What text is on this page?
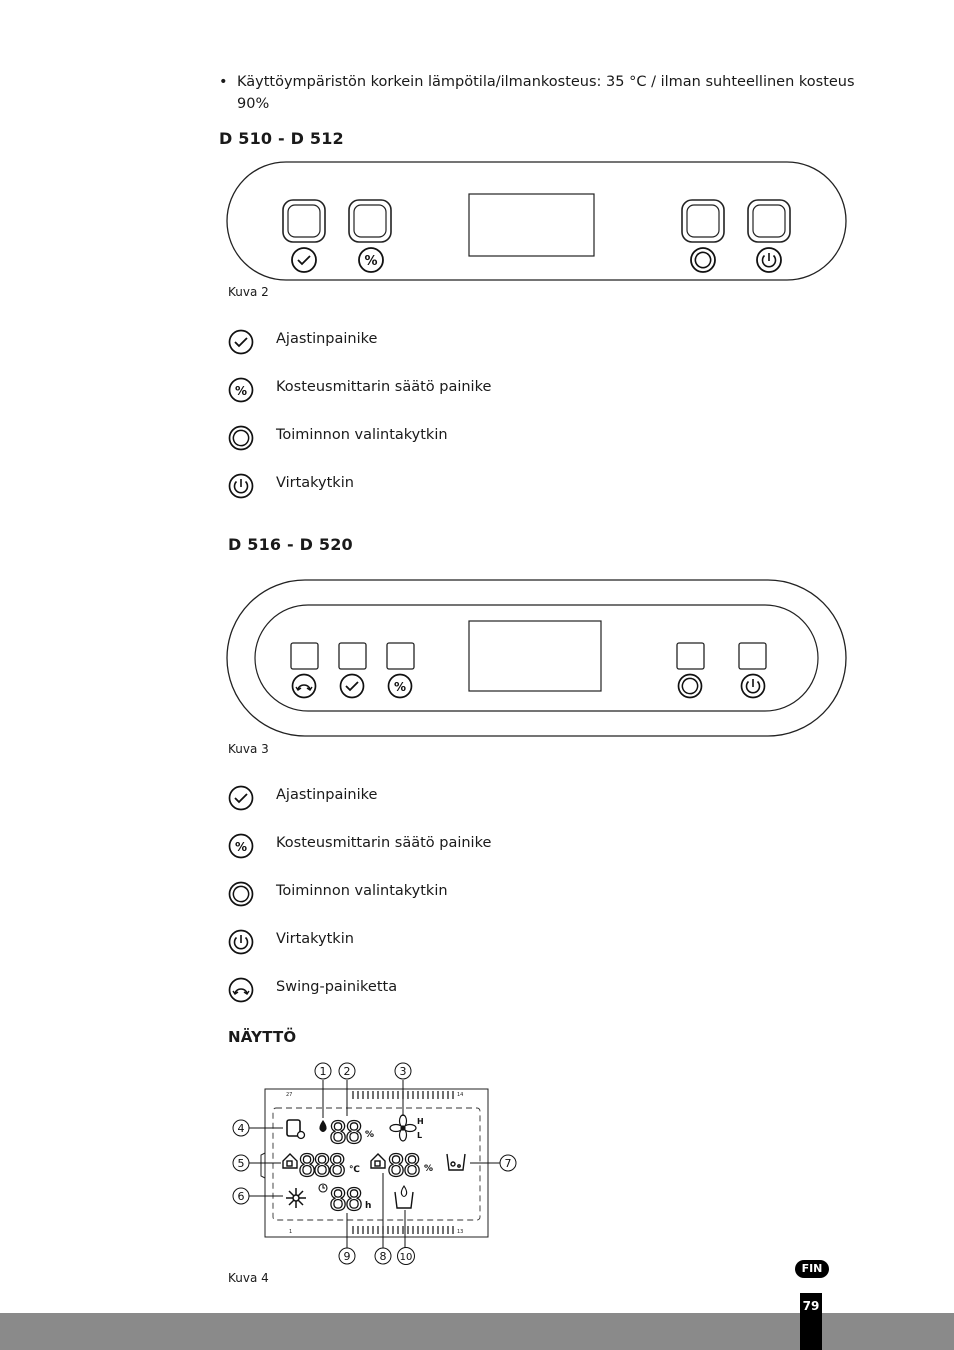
• Käyttöympäristön korkein lämpötila/ilmankosteus: 35 °C / ilman suhteellinen kosteus
90%
D 510 - D 512
%
Kuva 2
Ajastinpainike
% Kosteusmittarin säätö painike
Toiminnon valintakytkin
Virtakytkin
D 516 - D 520
%
Kuva 3
Ajastinpainike
% Kosteusmittarin säätö painike
Toiminnon valintakytkin
Virtakytkin
Swing-painiketta
NÄYTTÖ
27	14
1	13
88 %
H
L
888 ℃ 88 %
88 h
1 2	3
4
5
6
7
8
9	10
Kuva 4
FIN
79
